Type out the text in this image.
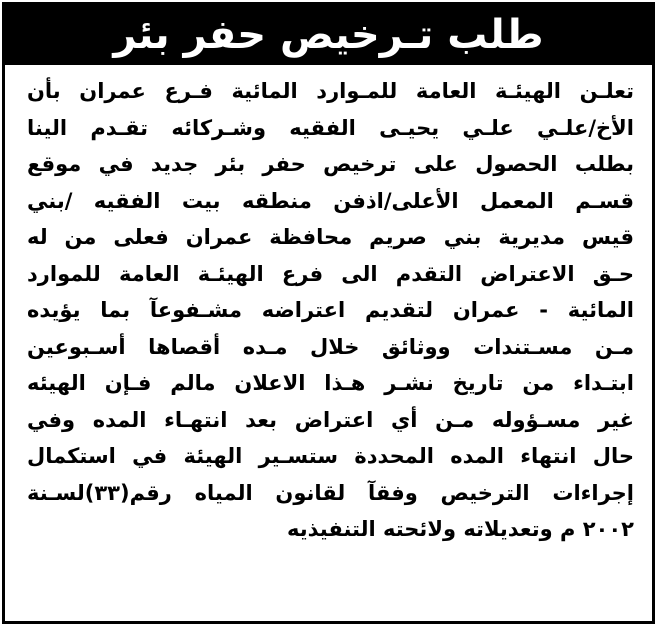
طلب تـرخيص حفر بئر
تعلـن الهيئـة العامة للمـوارد المائية فـرع عمران بأن
الأخ/علـي علـي يحيـى الفقيه وشـركائه تقـدم الينا
بطلب الحصول على ترخيص حفر بئر جديد في موقع
قسـم المعمل الأعلى/اذفن منطقه بيت الفقيه /بني
قيس مديرية بني صريم محافظة عمران فعلى من له
حـق الاعتراض التقدم الى فرع الهيئـة العامة للموارد
المائية - عمران لتقديم اعتراضه مشـفوعآ بما يؤيده
مـن مسـتندات ووثائق خلال مـده أقصاها أسـبوعين
ابتـداء من تاريخ نشـر هـذا الاعلان مالم فـإن الهيئه
غير مسـؤوله مـن أي اعتراض بعد انتهـاء المده وفي
حال انتهاء المده المحددة ستسـير الهيئة في استكمال
إجراءات الترخيص وفقآ لقانون المياه رقم(٣٣)لسـنة
٢٠٠٢ م وتعديلاته ولائحته التنفيذيه
